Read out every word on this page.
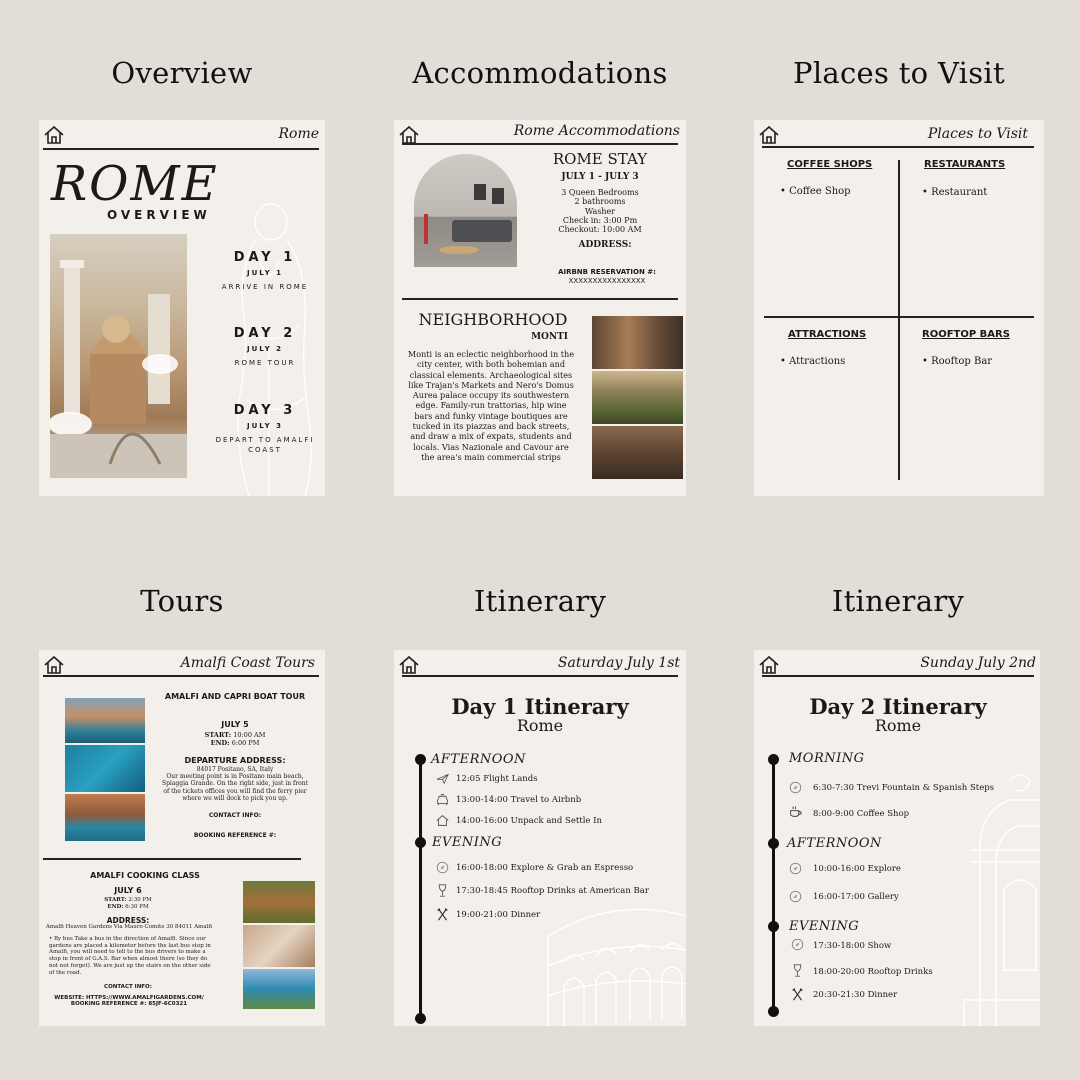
Overview	Accommodations	Places to Visit
Tours	Itinerary	Itinerary
Rome
ROME
OVERVIEW
DAY 1
JULY 1
ARRIVE IN ROME
DAY 2
JULY 2
ROME TOUR
DAY 3
JULY 3
DEPART TO AMALFI
COAST
Rome Accommodations
ROME STAY
JULY 1 - JULY 3
3 Queen Bedrooms
2 bathrooms
Washer
Check in: 3:00 Pm
Checkout: 10:00 AM
ADDRESS:
AIRBNB RESERVATION #:
XXXXXXXXXXXXXXXX
NEIGHBORHOOD
MONTI
Monti is an eclectic neighborhood in the city center, with both bohemian and classical elements. Archaeological sites like Trajan's Markets and Nero's Domus Aurea palace occupy its southwestern edge. Family-run trattorias, hip wine bars and funky vintage boutiques are tucked in its piazzas and back streets, and draw a mix of expats, students and locals. Vias Nazionale and Cavour are the area's main commercial strips
Places to Visit
COFFEE SHOPS
• Coffee Shop
RESTAURANTS
• Restaurant
ATTRACTIONS
• Attractions
ROOFTOP BARS
• Rooftop Bar
Amalfi Coast Tours
AMALFI AND CAPRI BOAT TOUR
JULY 5
START: 10:00 AM
END: 6:00 PM
DEPARTURE ADDRESS:
84017 Positano, SA, Italy
Our meeting point is in Positano main beach, Spiaggia Grande. On the right side, just in front of the tickets offices you will find the ferry pier where we will dock to pick you up.
CONTACT INFO:
BOOKING REFERENCE #:
AMALFI COOKING CLASS
JULY 6
START: 2:30 PM
END: 6:30 PM
ADDRESS:
Amalfi Heaven Gardens Via Mauro Comite 30 84011 Amalfi
• By bus Take a bus in the direction of Amalfi. Since our gardens are placed a kilometer before the last bus stop in Amalfi, you will need to tell to the bus drivers to make a stop in front of G.A.S. Bar when almost there (so they do not not forget). We are just up the stairs on the other side of the road.
CONTACT INFO:
WEBSITE: HTTPS://WWW.AMALFIGARDENS.COM/
BOOKING REFERENCE #: 85JF-6C0321
Saturday July 1st
Day 1 Itinerary
Rome
AFTERNOON
12:05 Flight Lands
13:00-14:00 Travel to Airbnb
14:00-16:00 Unpack and Settle In
EVENING
16:00-18:00 Explore & Grab an Espresso
17:30-18:45 Rooftop Drinks at American Bar
19:00-21:00 Dinner
Sunday July 2nd
Day 2 Itinerary
Rome
MORNING
6:30-7:30 Trevi Fountain & Spanish Steps
8:00-9:00 Coffee Shop
AFTERNOON
10:00-16:00 Explore
16:00-17:00 Gallery
EVENING
17:30-18:00 Show
18:00-20:00 Rooftop Drinks
20:30-21:30 Dinner
